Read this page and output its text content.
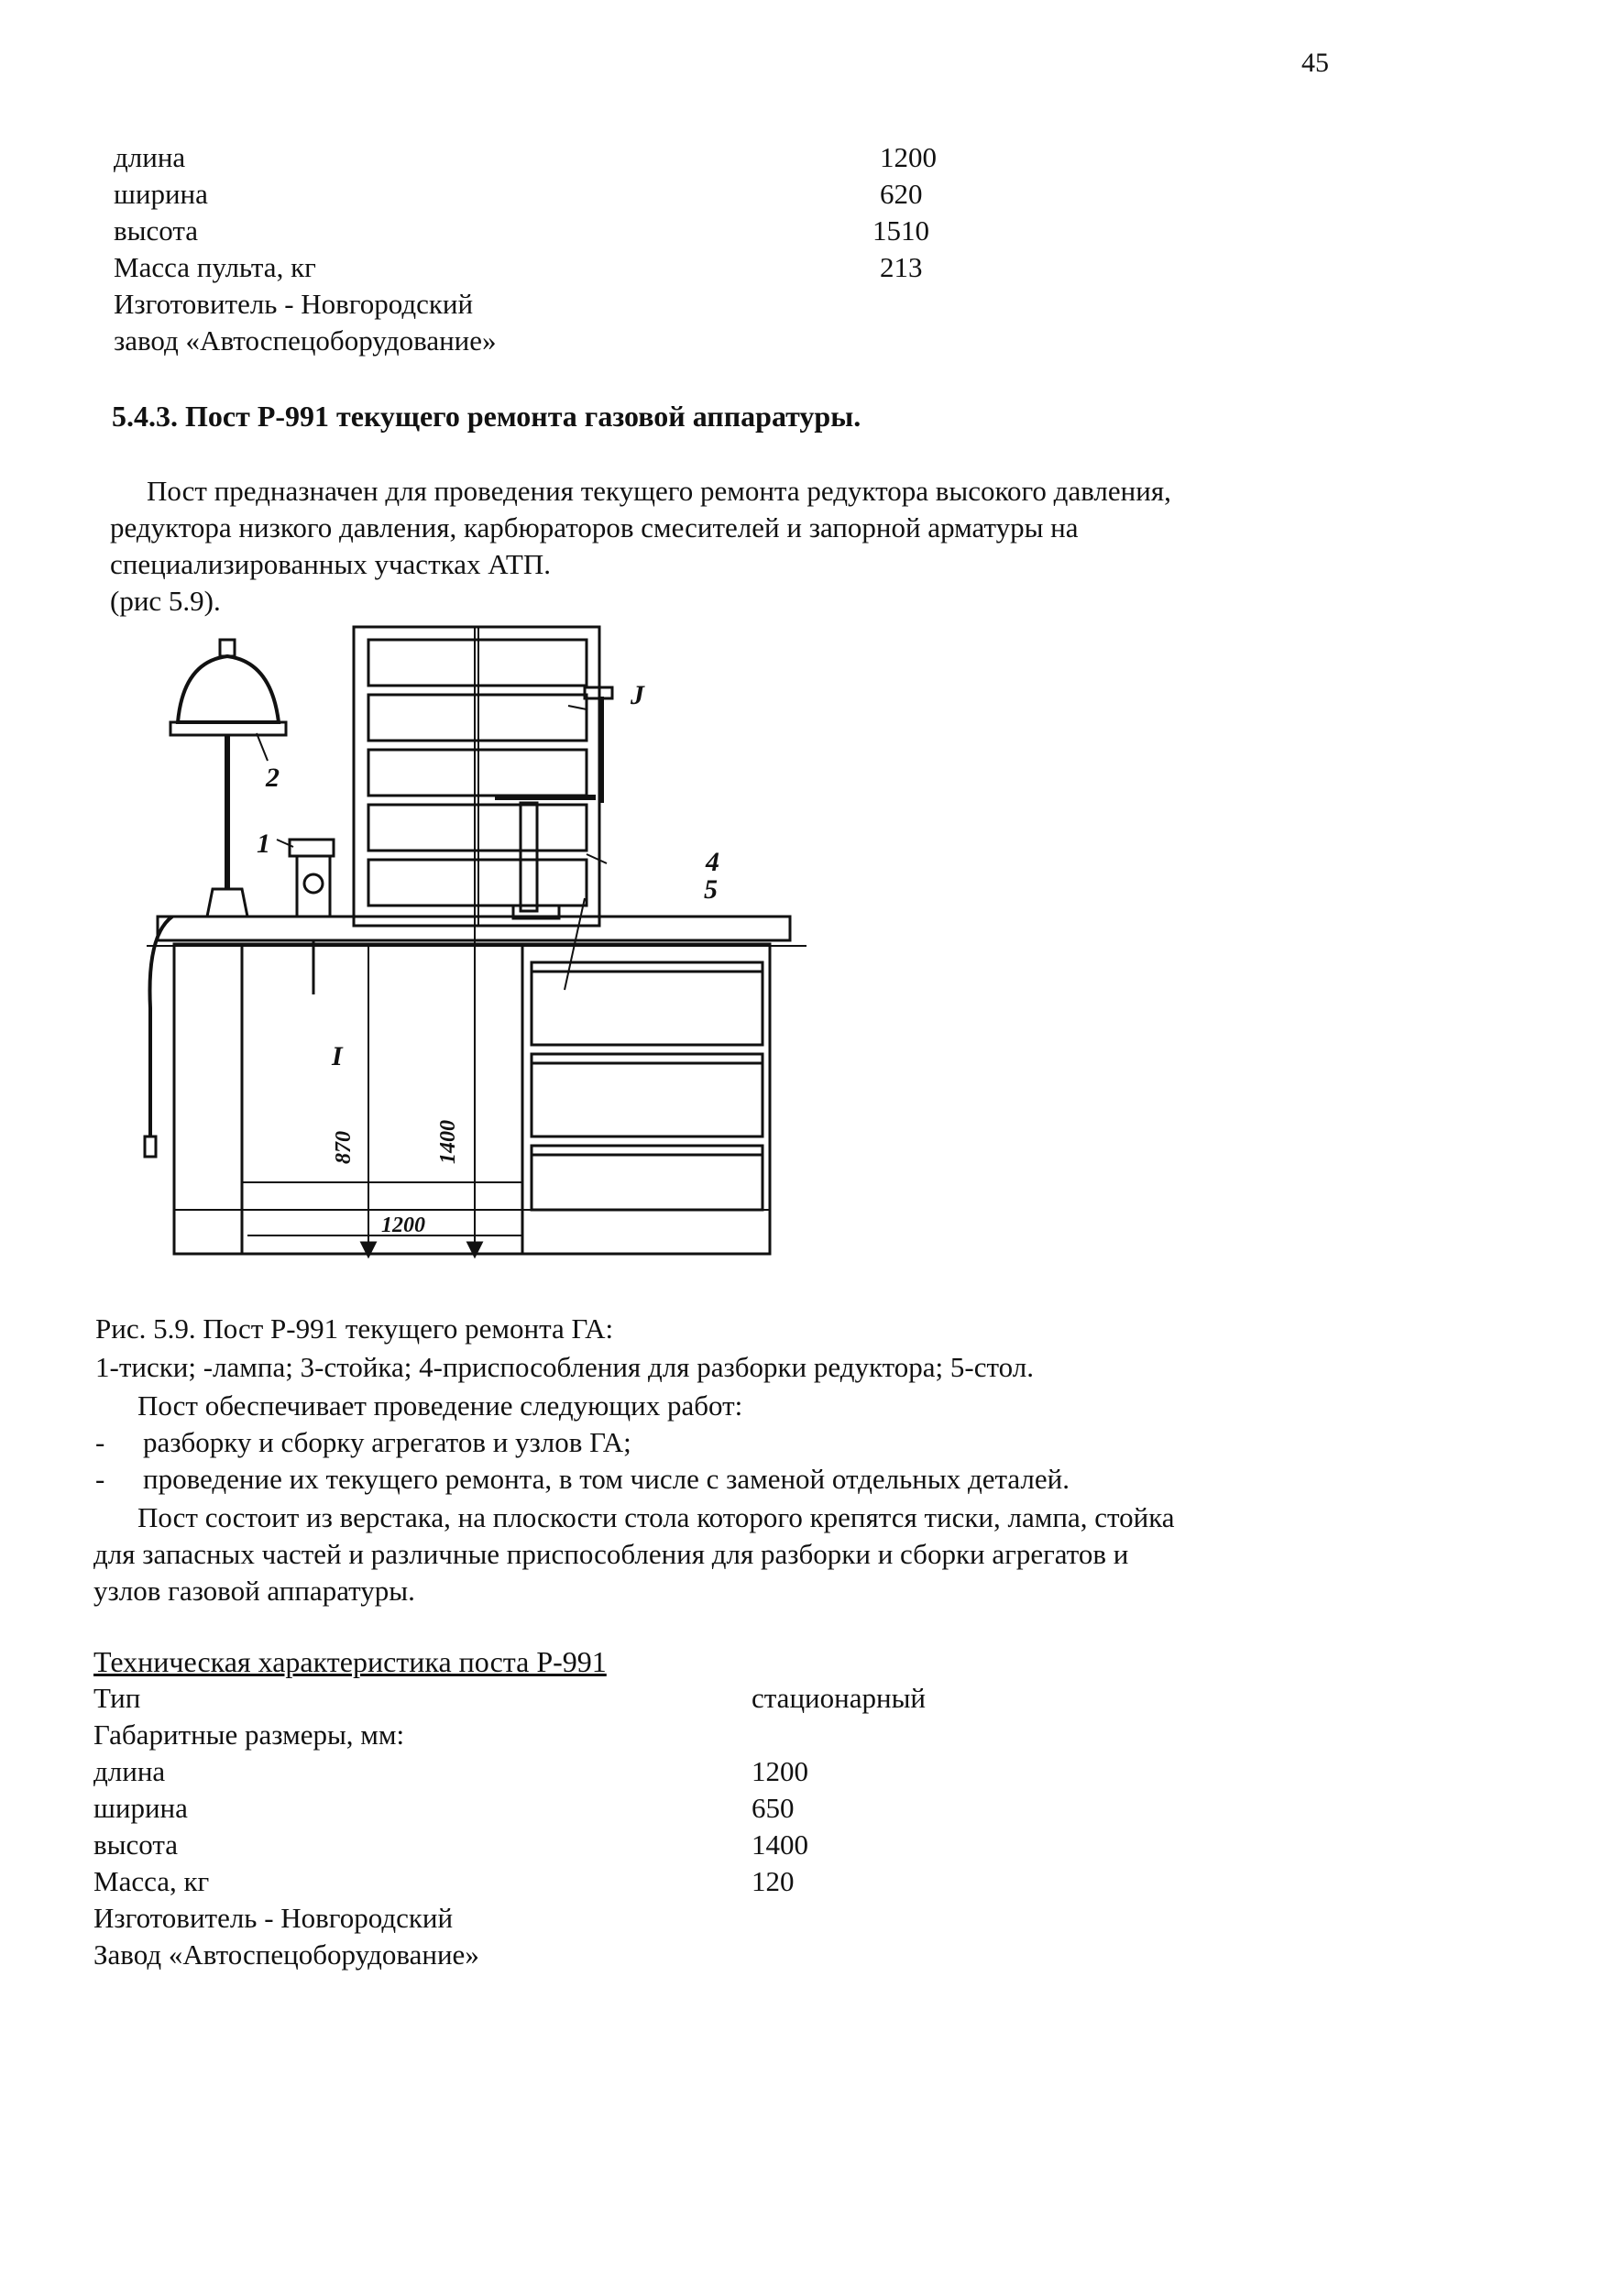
45
длина	1200
ширина	620
высота	1510
Масса пульта, кг	213
Изготовитель - Новгородский
завод «Автоспецоборудование»
5.4.3. Пост Р-991 текущего ремонта газовой аппаратуры.
Пост предназначен для проведения текущего ремонта редуктора высокого давления,
редуктора низкого давления, карбюраторов смесителей и запорной арматуры на
специализированных участках АТП.
(рис 5.9).
1
2
J
4
5
I
870	1400
1200
Рис. 5.9. Пост Р-991 текущего ремонта ГА:
1-тиски; -лампа; 3-стойка; 4-приспособления для разборки редуктора; 5-стол.
Пост обеспечивает проведение следующих работ:
- разборку и сборку агрегатов и узлов ГА;
- проведение их текущего ремонта, в том числе с заменой отдельных деталей.
Пост состоит из верстака, на плоскости стола которого крепятся тиски, лампа, стойка
для запасных частей и различные приспособления для разборки и сборки агрегатов и
узлов газовой аппаратуры.
Техническая характеристика поста Р-991
Тип	стационарный
Габаритные размеры, мм:
длина	1200
ширина	650
высота	1400
Масса, кг	120
Изготовитель - Новгородский
Завод «Автоспецоборудование»
